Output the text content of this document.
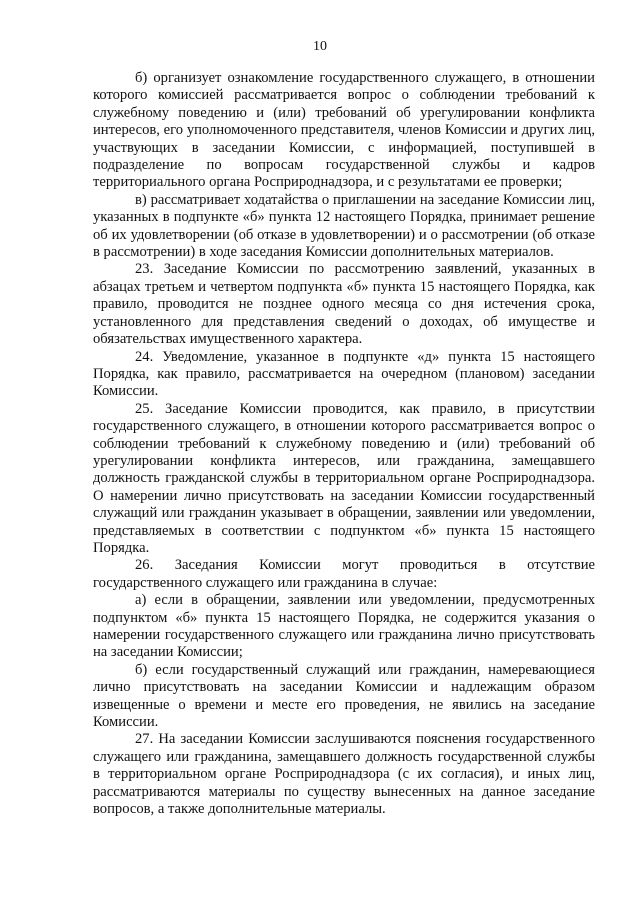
10

б) организует ознакомление государственного служащего, в отношении которого комиссией рассматривается вопрос о соблюдении требований к служебному поведению и (или) требований об урегулировании конфликта интересов, его уполномоченного представителя, членов Комиссии и других лиц, участвующих в заседании Комиссии, с информацией, поступившей в подразделение по вопросам государственной службы и кадров территориального органа Росприроднадзора, и с результатами ее проверки;

в) рассматривает ходатайства о приглашении на заседание Комиссии лиц, указанных в подпункте «б» пункта 12 настоящего Порядка, принимает решение об их удовлетворении (об отказе в удовлетворении) и о рассмотрении (об отказе в рассмотрении) в ходе заседания Комиссии дополнительных материалов.

23. Заседание Комиссии по рассмотрению заявлений, указанных в абзацах третьем и четвертом подпункта «б» пункта 15 настоящего Порядка, как правило, проводится не позднее одного месяца со дня истечения срока, установленного для представления сведений о доходах, об имуществе и обязательствах имущественного характера.

24. Уведомление, указанное в подпункте «д» пункта 15 настоящего Порядка, как правило, рассматривается на очередном (плановом) заседании Комиссии.

25. Заседание Комиссии проводится, как правило, в присутствии государственного служащего, в отношении которого рассматривается вопрос о соблюдении требований к служебному поведению и (или) требований об урегулировании конфликта интересов, или гражданина, замещавшего должность гражданской службы в территориальном органе Росприроднадзора. О намерении лично присутствовать на заседании Комиссии государственный служащий или гражданин указывает в обращении, заявлении или уведомлении, представляемых в соответствии с подпунктом «б» пункта 15 настоящего Порядка.

26. Заседания Комиссии могут проводиться в отсутствие государственного служащего или гражданина в случае:

а) если в обращении, заявлении или уведомлении, предусмотренных подпунктом «б» пункта 15 настоящего Порядка, не содержится указания о намерении государственного служащего или гражданина лично присутствовать на заседании Комиссии;

б) если государственный служащий или гражданин, намеревающиеся лично присутствовать на заседании Комиссии и надлежащим образом извещенные о времени и месте его проведения, не явились на заседание Комиссии.

27. На заседании Комиссии заслушиваются пояснения государственного служащего или гражданина, замещавшего должность государственной службы в территориальном органе Росприроднадзора (с их согласия), и иных лиц, рассматриваются материалы по существу вынесенных на данное заседание вопросов, а также дополнительные материалы.
